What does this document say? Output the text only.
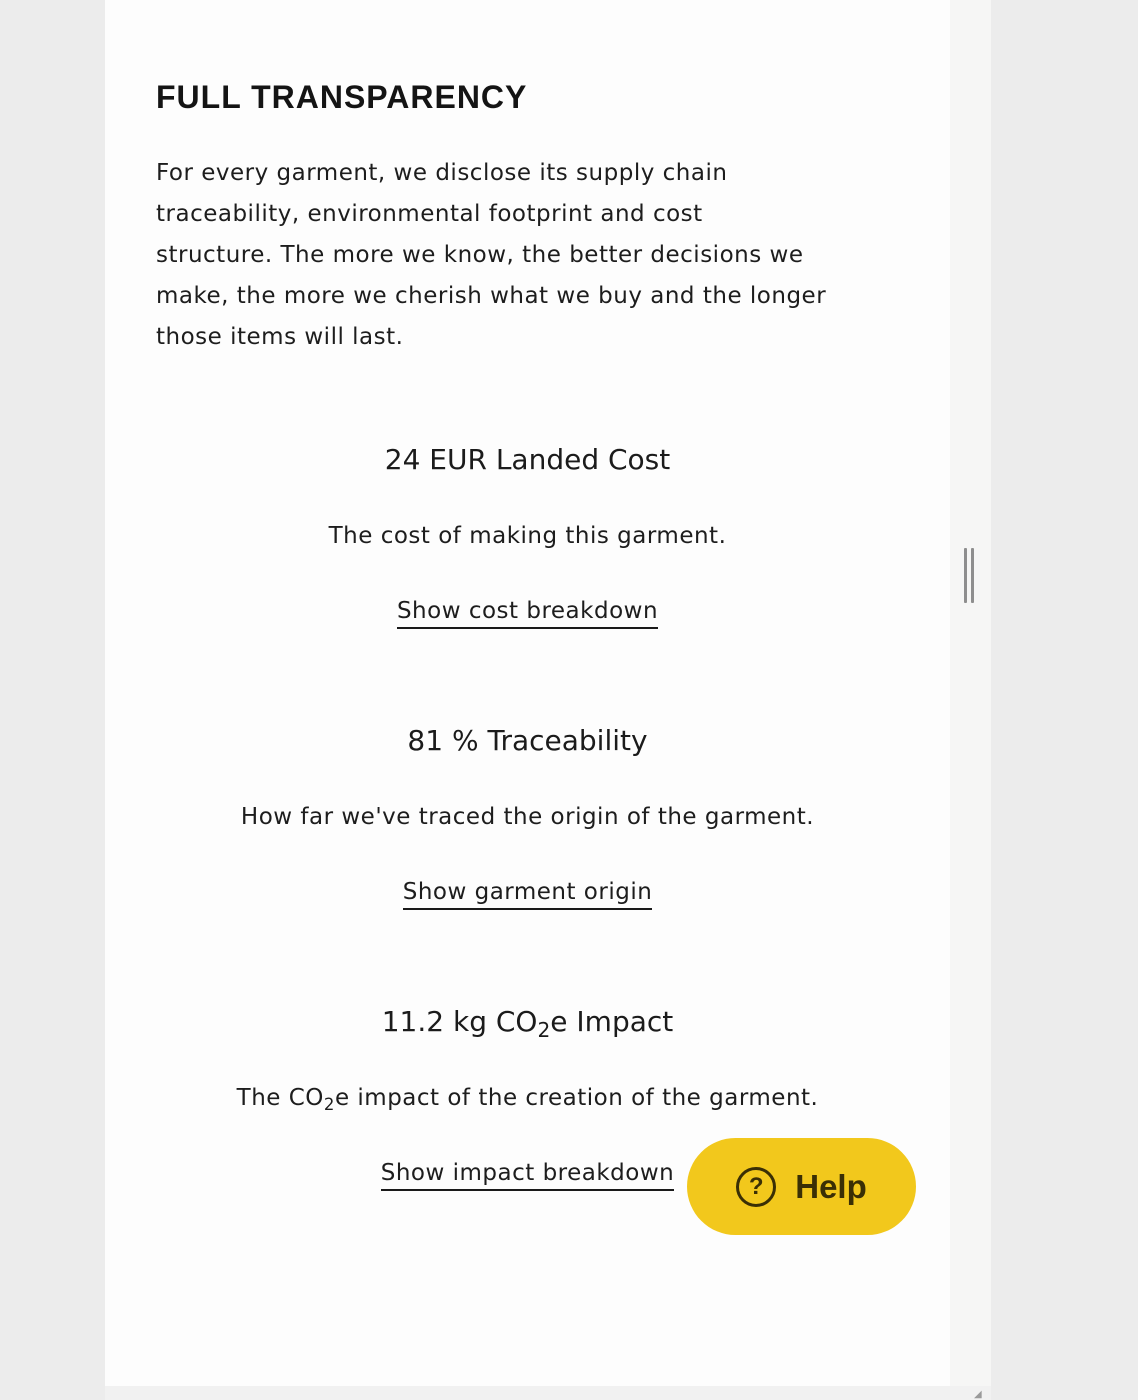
◢
FULL TRANSPARENCY

For every garment, we disclose its supply chain
traceability, environmental footprint and cost
structure. The more we know, the better decisions we
make, the more we cherish what we buy and the longer
those items will last.

24 EUR Landed Cost

The cost of making this garment.

Show cost breakdown
81 % Traceability

How far we've traced the origin of the garment.

Show garment origin
11.2 kg $CO_2e$ Impact

The $CO_2e$ impact of the creation of the garment.

Show impact breakdown	? Help
